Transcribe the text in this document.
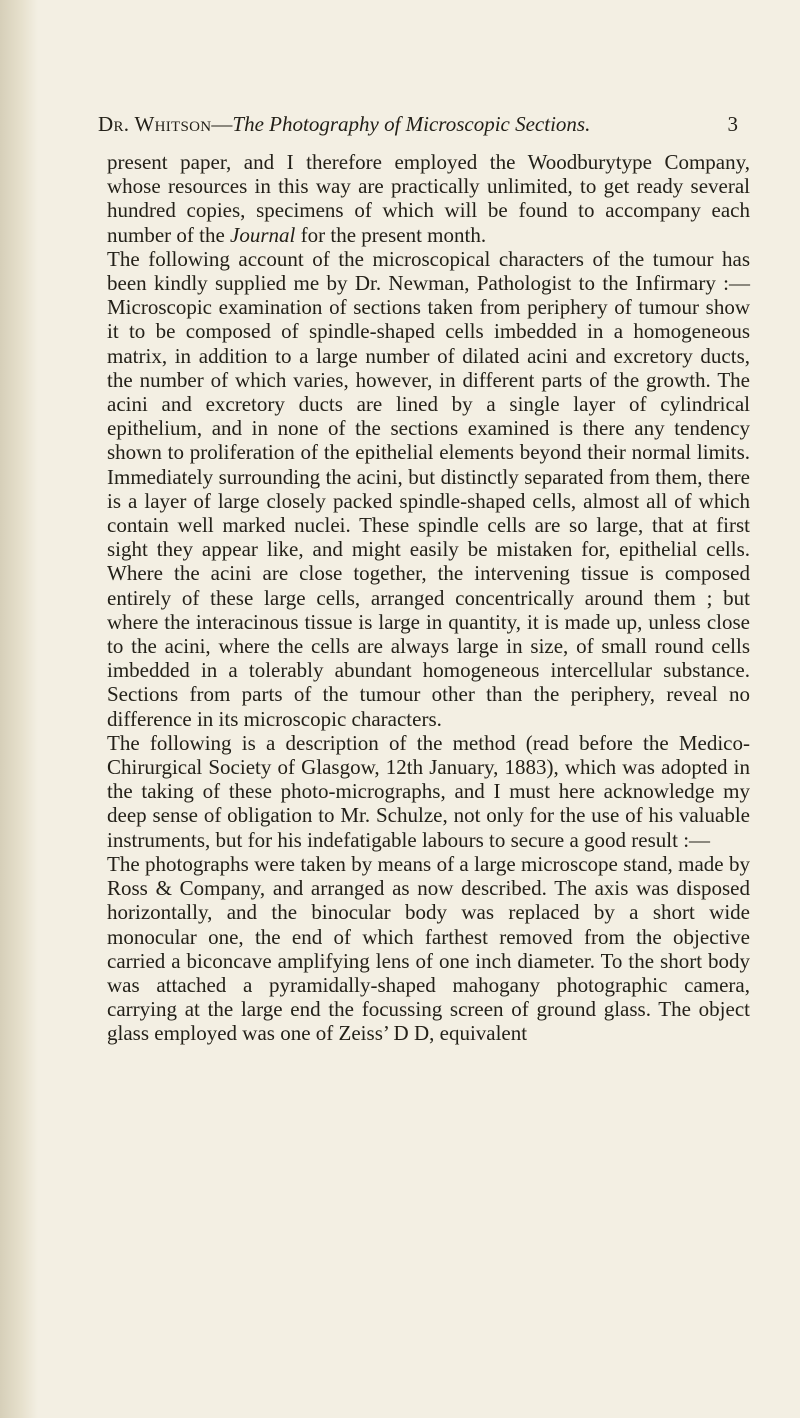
Dr. Whitson—The Photography of Microscopic Sections.	3

present paper, and I therefore employed the Woodburytype Company, whose resources in this way are practically unlimited, to get ready several hundred copies, specimens of which will be found to accompany each number of the Journal for the present month.

The following account of the microscopical characters of the tumour has been kindly supplied me by Dr. Newman, Pathologist to the Infirmary :—Microscopic examination of sections taken from periphery of tumour show it to be composed of spindle-shaped cells imbedded in a homogeneous matrix, in addition to a large number of dilated acini and excretory ducts, the number of which varies, however, in different parts of the growth. The acini and excretory ducts are lined by a single layer of cylindrical epithelium, and in none of the sections examined is there any tendency shown to proliferation of the epithelial elements beyond their normal limits. Immediately surrounding the acini, but distinctly separated from them, there is a layer of large closely packed spindle-shaped cells, almost all of which contain well marked nuclei. These spindle cells are so large, that at first sight they appear like, and might easily be mistaken for, epithelial cells. Where the acini are close together, the intervening tissue is composed entirely of these large cells, arranged concentrically around them ; but where the interacinous tissue is large in quantity, it is made up, unless close to the acini, where the cells are always large in size, of small round cells imbedded in a tolerably abundant homogeneous intercellular substance. Sections from parts of the tumour other than the periphery, reveal no difference in its microscopic characters.

The following is a description of the method (read before the Medico-Chirurgical Society of Glasgow, 12th January, 1883), which was adopted in the taking of these photo-micrographs, and I must here acknowledge my deep sense of obligation to Mr. Schulze, not only for the use of his valuable instruments, but for his indefatigable labours to secure a good result :—

The photographs were taken by means of a large microscope stand, made by Ross & Company, and arranged as now described. The axis was disposed horizontally, and the binocular body was replaced by a short wide monocular one, the end of which farthest removed from the objective carried a biconcave amplifying lens of one inch diameter. To the short body was attached a pyramidally-shaped mahogany photographic camera, carrying at the large end the focussing screen of ground glass. The object glass employed was one of Zeiss’ D D, equivalent
